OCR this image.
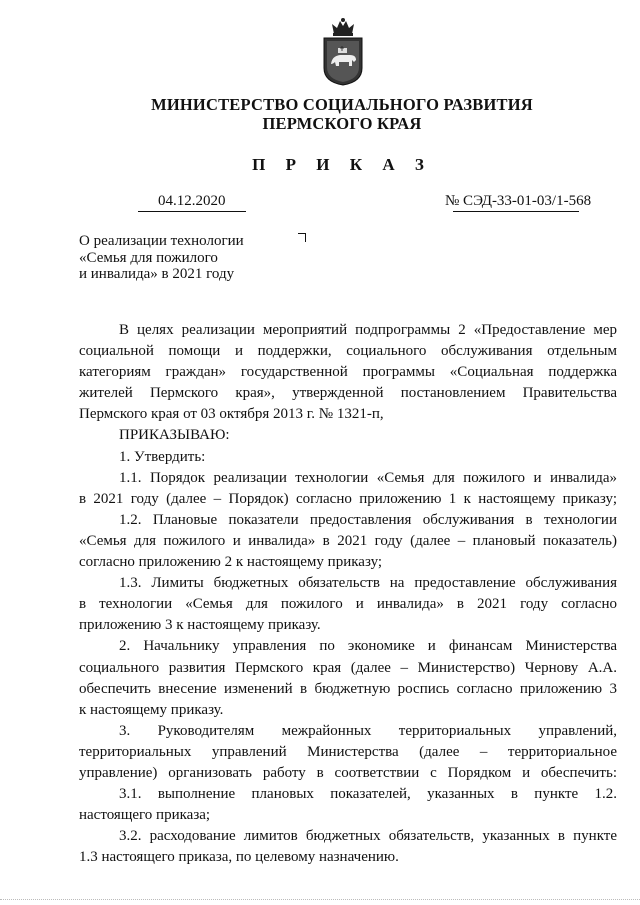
МИНИСТЕРСТВО СОЦИАЛЬНОГО РАЗВИТИЯ
ПЕРМСКОГО КРАЯ
П Р И К А З
04.12.2020	№ СЭД-33-01-03/1-568
О реализации технологии
«Семья для пожилого
и инвалида» в 2021 году
В целях реализации мероприятий подпрограммы 2 «Предоставление мер
социальной помощи и поддержки, социального обслуживания отдельным
категориям граждан» государственной программы «Социальная поддержка
жителей Пермского края», утвержденной постановлением Правительства
Пермского края от 03 октября 2013 г. № 1321-п,
ПРИКАЗЫВАЮ:
1. Утвердить:
1.1. Порядок реализации технологии «Семья для пожилого и инвалида»
в 2021 году (далее – Порядок) согласно приложению 1 к настоящему приказу;
1.2. Плановые показатели предоставления обслуживания в технологии
«Семья для пожилого и инвалида» в 2021 году (далее – плановый показатель)
согласно приложению 2 к настоящему приказу;
1.3. Лимиты бюджетных обязательств на предоставление обслуживания
в технологии «Семья для пожилого и инвалида» в 2021 году согласно
приложению 3 к настоящему приказу.
2. Начальнику управления по экономике и финансам Министерства
социального развития Пермского края (далее – Министерство) Чернову А.А.
обеспечить внесение изменений в бюджетную роспись согласно приложению 3
к настоящему приказу.
3. Руководителям межрайонных территориальных управлений,
территориальных управлений Министерства (далее – территориальное
управление) организовать работу в соответствии с Порядком и обеспечить:
3.1. выполнение плановых показателей, указанных в пункте 1.2.
настоящего приказа;
3.2. расходование лимитов бюджетных обязательств, указанных в пункте
1.3 настоящего приказа, по целевому назначению.
